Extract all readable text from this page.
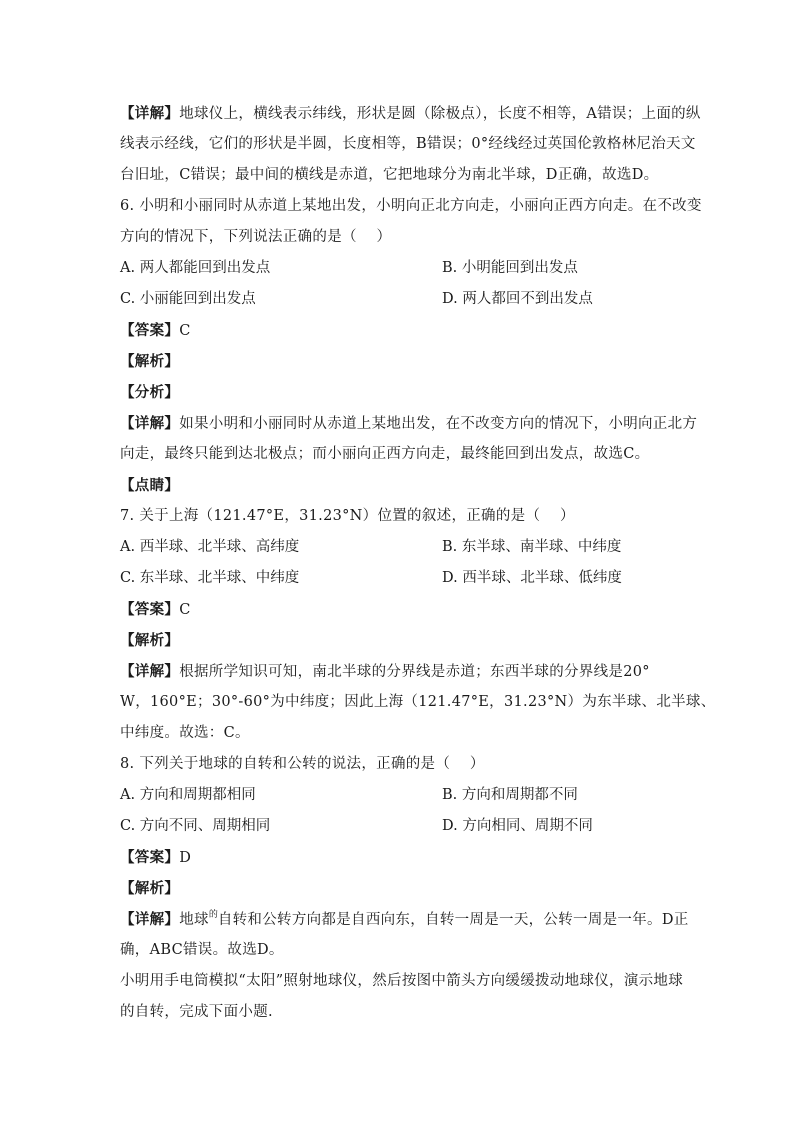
【详解】地球仪上，横线表示纬线，形状是圆（除极点），长度不相等，A错误；上面的纵
线表示经线，它们的形状是半圆，长度相等，B错误；0°经线经过英国伦敦格林尼治天文
台旧址，C错误；最中间的横线是赤道，它把地球分为南北半球，D正确，故选D。
6. 小明和小丽同时从赤道上某地出发，小明向正北方向走，小丽向正西方向走。在不改变
方向的情况下，下列说法正确的是（　 ）
A. 两人都能回到出发点	B. 小明能回到出发点
C. 小丽能回到出发点	D. 两人都回不到出发点
【答案】C
【解析】
【分析】
【详解】如果小明和小丽同时从赤道上某地出发，在不改变方向的情况下，小明向正北方
向走，最终只能到达北极点；而小丽向正西方向走，最终能回到出发点，故选C。
【点睛】
7. 关于上海（121.47°E，31.23°N）位置的叙述，正确的是（　 ）
A. 西半球、北半球、高纬度	B. 东半球、南半球、中纬度
C. 东半球、北半球、中纬度	D. 西半球、北半球、低纬度
【答案】C
【解析】
【详解】根据所学知识可知，南北半球的分界线是赤道；东西半球的分界线是20°
W，160°E；30°-60°为中纬度；因此上海（121.47°E，31.23°N）为东半球、北半球、
中纬度。故选：C。
8. 下列关于地球的自转和公转的说法，正确的是（　 ）
A. 方向和周期都相同	B. 方向和周期都不同
C. 方向不同、周期相同	D. 方向相同、周期不同
【答案】D
【解析】
【详解】地球$^的$自转和公转方向都是自西向东，自转一周是一天，公转一周是一年。D正
确，ABC错误。故选D。
小明用手电筒模拟“太阳”照射地球仪，然后按图中箭头方向缓缓拨动地球仪，演示地球
的自转，完成下面小题.
